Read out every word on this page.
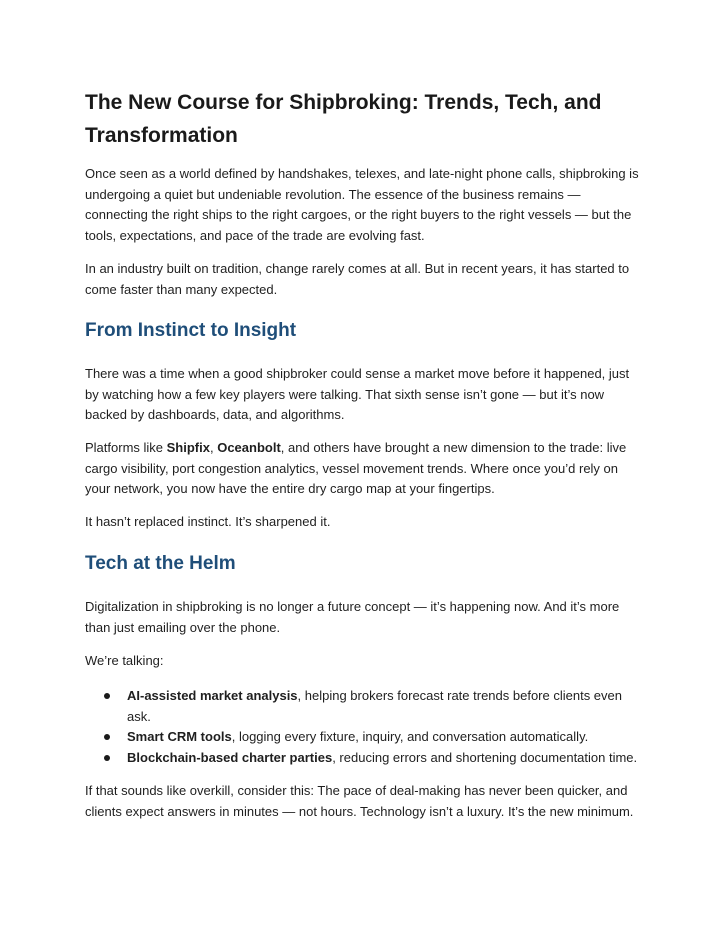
The New Course for Shipbroking: Trends, Tech, and Transformation

Once seen as a world defined by handshakes, telexes, and late-night phone calls, shipbroking is undergoing a quiet but undeniable revolution. The essence of the business remains — connecting the right ships to the right cargoes, or the right buyers to the right vessels — but the tools, expectations, and pace of the trade are evolving fast.

In an industry built on tradition, change rarely comes at all. But in recent years, it has started to come faster than many expected.

From Instinct to Insight

There was a time when a good shipbroker could sense a market move before it happened, just by watching how a few key players were talking. That sixth sense isn’t gone — but it’s now backed by dashboards, data, and algorithms.

Platforms like Shipfix, Oceanbolt, and others have brought a new dimension to the trade: live cargo visibility, port congestion analytics, vessel movement trends. Where once you’d rely on your network, you now have the entire dry cargo map at your fingertips.

It hasn’t replaced instinct. It’s sharpened it.

Tech at the Helm

Digitalization in shipbroking is no longer a future concept — it’s happening now. And it’s more than just emailing over the phone.

We’re talking:

AI-assisted market analysis, helping brokers forecast rate trends before clients even ask.
Smart CRM tools, logging every fixture, inquiry, and conversation automatically.
Blockchain-based charter parties, reducing errors and shortening documentation time.

If that sounds like overkill, consider this: The pace of deal-making has never been quicker, and clients expect answers in minutes — not hours. Technology isn’t a luxury. It’s the new minimum.
